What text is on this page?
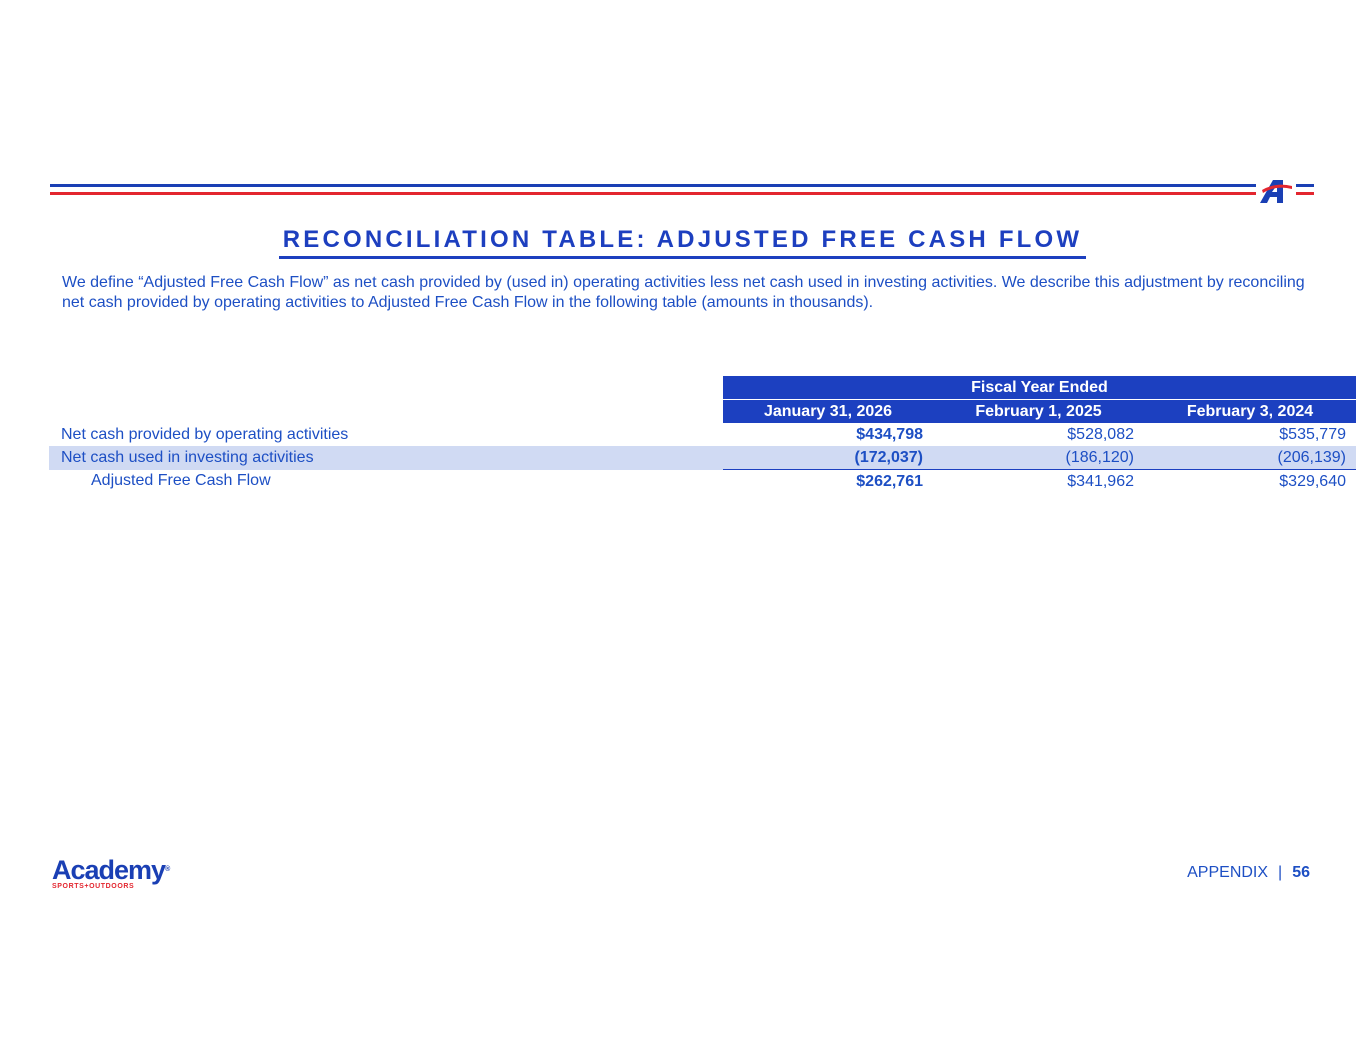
RECONCILIATION TABLE: ADJUSTED FREE CASH FLOW

We define “Adjusted Free Cash Flow” as net cash provided by (used in) operating activities less net cash used in investing activities. We describe this adjustment by reconciling net cash provided by operating activities to Adjusted Free Cash Flow in the following table (amounts in thousands).

	Fiscal Year Ended		
	January 31, 2026	February 1, 2025	February 3, 2024
Net cash provided by operating activities	$434,798	$528,082	$535,779
Net cash used in investing activities	(172,037)	(186,120)	(206,139)
Adjusted Free Cash Flow	$262,761	$341,962	$329,640
Academy®
SPORTS+OUTDOORS
APPENDIX | 56
